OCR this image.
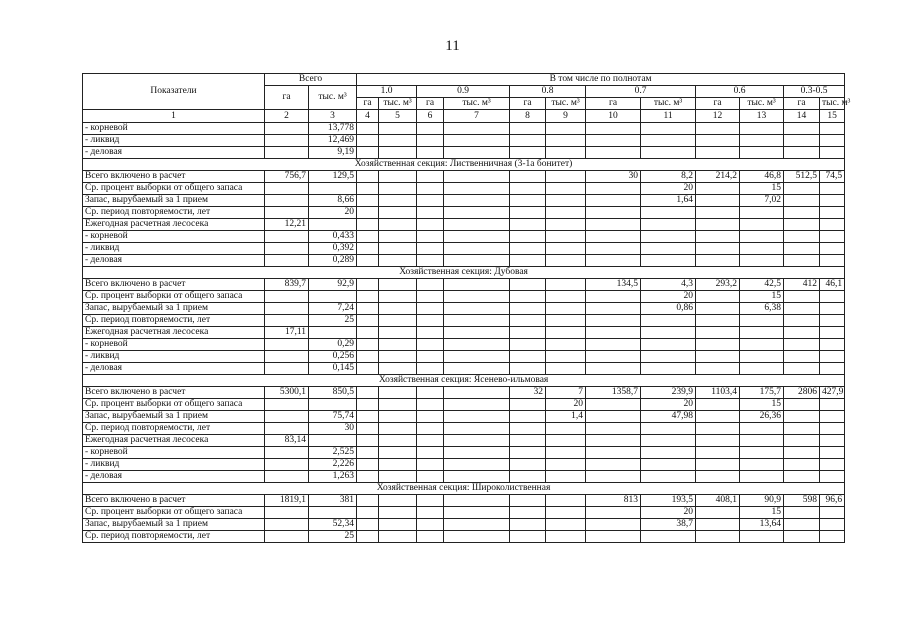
11
Показатели	Всего		В том числе по полнотам											
	га	тыс. м³	1.0		0.9		0.8		0.7		0.6		0.3-0.5	
			га	тыс. м³	га	тыс. м³	га	тыс. м³	га	тыс. м³	га	тыс. м³	га	тыс. м³
1	2	3	4	5	6	7	8	9	10	11	12	13	14	15
- корневой		13,778												
- ликвид		12,469												
- деловая		9,19												
Хозяйственная секция: Лиственничная (3-1а бонитет)														
Всего включено в расчет	756,7	129,5							30	8,2	214,2	46,8	512,5	74,5
Ср. процент выборки от общего запаса										20		15		
Запас, вырубаемый за 1 прием		8,66								1,64		7,02		
Ср. период повторяемости, лет		20												
Ежегодная расчетная лесосека	12,21													
- корневой		0,433												
- ликвид		0,392												
- деловая		0,289												
Хозяйственная секция: Дубовая														
Всего включено в расчет	839,7	92,9							134,5	4,3	293,2	42,5	412	46,1
Ср. процент выборки от общего запаса										20		15		
Запас, вырубаемый за 1 прием		7,24								0,86		6,38		
Ср. период повторяемости, лет		25												
Ежегодная расчетная лесосека	17,11													
- корневой		0,29												
- ликвид		0,256												
- деловая		0,145												
Хозяйственная секция: Ясенево-ильмовая														
Всего включено в расчет	5300,1	850,5					32	7	1358,7	239,9	1103,4	175,7	2806	427,9
Ср. процент выборки от общего запаса								20		20		15		
Запас, вырубаемый за 1 прием		75,74						1,4		47,98		26,36		
Ср. период повторяемости, лет		30												
Ежегодная расчетная лесосека	83,14													
- корневой		2,525												
- ликвид		2,226												
- деловая		1,263												
Хозяйственная секция: Широколиственная														
Всего включено в расчет	1819,1	381							813	193,5	408,1	90,9	598	96,6
Ср. процент выборки от общего запаса										20		15		
Запас, вырубаемый за 1 прием		52,34								38,7		13,64		
Ср. период повторяемости, лет		25												
